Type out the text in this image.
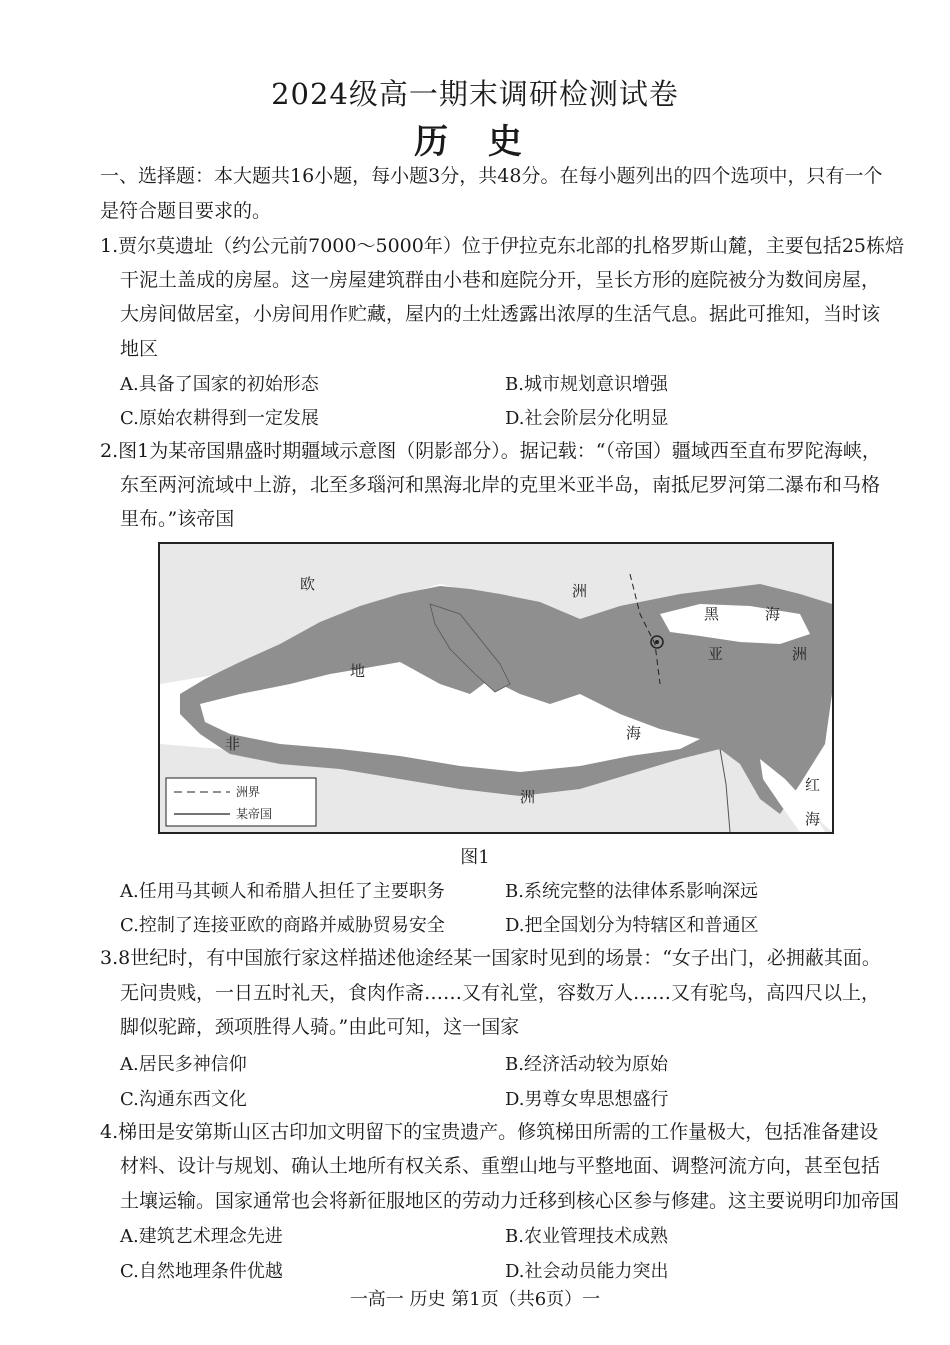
2024级高一期末调研检测试卷
历 史
一、选择题：本大题共16小题，每小题3分，共48分。在每小题列出的四个选项中，只有一个
是符合题目要求的。
1.贾尔莫遗址（约公元前7000～5000年）位于伊拉克东北部的扎格罗斯山麓，主要包括25栋焙
干泥土盖成的房屋。这一房屋建筑群由小巷和庭院分开，呈长方形的庭院被分为数间房屋，
大房间做居室，小房间用作贮藏，屋内的土灶透露出浓厚的生活气息。据此可推知，当时该
地区
A.具备了国家的初始形态	B.城市规划意识增强
C.原始农耕得到一定发展	D.社会阶层分化明显
2.图1为某帝国鼎盛时期疆域示意图（阴影部分）。据记载：“（帝国）疆域西至直布罗陀海峡，
东至两河流域中上游，北至多瑙河和黑海北岸的克里米亚半岛，南抵尼罗河第二瀑布和马格
里布。”该帝国
欧	洲
黑	海
亚	洲
地
海
非
洲
红
海
洲界
某帝国
图1
A.任用马其顿人和希腊人担任了主要职务	B.系统完整的法律体系影响深远
C.控制了连接亚欧的商路并威胁贸易安全	D.把全国划分为特辖区和普通区
3.8世纪时，有中国旅行家这样描述他途经某一国家时见到的场景：“女子出门，必拥蔽其面。
无问贵贱，一日五时礼天，食肉作斋……又有礼堂，容数万人……又有驼鸟，高四尺以上，
脚似驼蹄，颈项胜得人骑。”由此可知，这一国家
A.居民多神信仰	B.经济活动较为原始
C.沟通东西文化	D.男尊女卑思想盛行
4.梯田是安第斯山区古印加文明留下的宝贵遗产。修筑梯田所需的工作量极大，包括准备建设
材料、设计与规划、确认土地所有权关系、重塑山地与平整地面、调整河流方向，甚至包括
土壤运输。国家通常也会将新征服地区的劳动力迁移到核心区参与修建。这主要说明印加帝国
A.建筑艺术理念先进	B.农业管理技术成熟
C.自然地理条件优越	D.社会动员能力突出
一高一 历史 第1页（共6页）一
